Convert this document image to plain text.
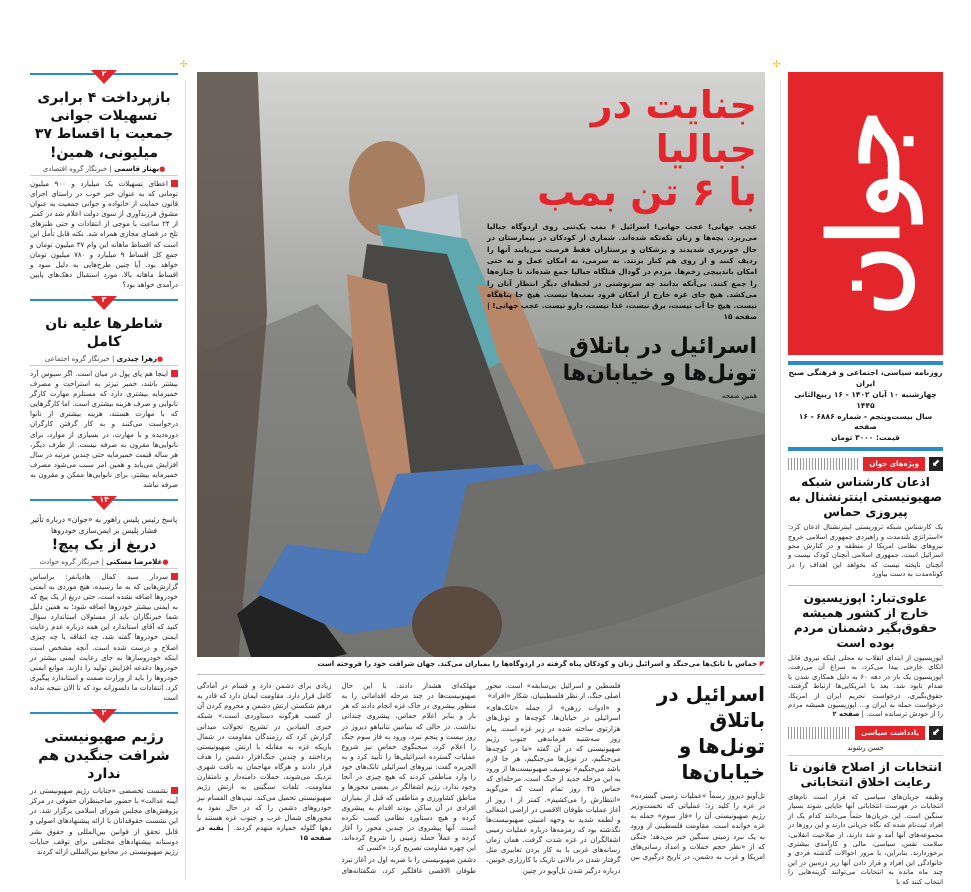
✣	✣
۲
بازپرداخت ۴ برابری تسهیلات جوانی جمعیت با اقساط ۳۷ میلیونی، همین!
●بهناز قاسمی | خبرنگار گروه اقتصادی
اعطای تسهیلات یک میلیارد و ۹۰۰ میلیون تومانی که به عنوان خبر خوب در راستای اجرای قانون حمایت از خانواده و جوانی جمعیت به عنوان مشوق فرزندآوری از سوی دولت اعلام شد در کمتر از ۲۴ ساعت با موجی از انتقادات و حتی طنزهای تلخ در فضای مجازی همراه شد. نکته قابل تأمل این است که اقساط ماهانه این وام ۳۷ میلیون تومان و جمع کل اقساط ۹ میلیارد و ۷۸۰ میلیون تومان خواهد بود. آیا چنین طرح‌هایی به دلیل سود و اقساط ماهانه بالا، مورد استقبال دهک‌های پایین درآمدی خواهد بود؟
۳
شاطرها علیه نان کامل
●زهرا چیذری | خبرنگار گروه اجتماعی
اینجا هم پای پول در میان است. اگر سبوس آرد بیشتر باشد، خمیر تیزتر به استراحت و مصرف خمیرمایه بیشتری دارد که مستلزم مهارت کارگر نانوایی و صرف هزینه بیشتری است. اما کارگرهایی که با مهارت هستند، هزینه بیشتری از نانوا درخواست می‌کنند و به کار گرفتن کارگران دوره‌دیده و با مهارت، در بسیاری از موارد، برای نانوایی‌ها مقرون به صرفه نیست. از طرف دیگر، هر ساله قیمت خمیرمایه حتی چندین مرتبه در سال افزایش می‌یابد و همین امر سبب می‌شود مصرف خمیرمایه بیشتر، برای نانوایی‌ها ممکن و مقرون به صرفه نباشد
۱۴
پاسخ رئیس پلیس راهور به «جوان» درباره تأثیر فشار پلیس بر ایمن‌سازی خودروها
دریغ از یک پیچ!
●غلامرضا مسکنی | خبرنگار گروه حوادث
سردار سید کمال هادیانفر: براساس گزارش‌هایی که به ما رسیده، هیچ موردی به ایمنی خودروها اضافه نشده است، حتی دریغ از یک پیچ که به ایمنی بیشتر خودروها اضافه شود؛ به همین دلیل شما خبرنگاران باید از مسئولان استاندارد سؤال کنید که آقای استاندارد این همه درباره عدم رعایت ایمنی خودروها گفته شد، چه اتفاقه یا چه چیزی اصلاح و درست شده است. آنچه مشخص است اینکه خودروسازها به جای رعایت ایمنی بیشتر در خودروها دغدغه افزایش تولید را دارند. موانع ایمنی خودروها را باید از وزارت صمت و استاندارد پیگیری کرد. انتقادات ما دلسوزانه بود که تا الان نتیجه نداده است
۲
رژیم صهیونیستی شرافت جنگیدن هم ندارد
نشست تخصصی «جنایات رژیم صهیونیستی در آیینه عدالت» با حضور صاحبنظران حقوقی در مرکز پژوهش‌های مجلس شورای اسلامی برگزار شد. در این نشست حقوقدانان با ارائه پیشنهادهای اصولی و قابل تحقق از قوانین بین‌المللی و حقوق بشر دوستانه پیشنهادهای مختلفی برای توقف جنایات رژیم صهیونیستی در مجامع بین‌المللی ارائه کردند
جنایت در جبالیا
با ۶ تن بمب
عجب جهانی! عجب جهانی! اسرائیل ۶ بمب یک‌تنی روی اردوگاه جبالیا می‌ریزد. بچه‌ها و زنان تکه‌تکه شده‌اند. شماری از کودکان در بیمارستان در حال خونریزی شدیدند و پزشکان و پرستاران فقط فرصت می‌یابند آنها را ردیف کنند و از روی هم کنار بزنند. نه سرمی، نه امکان عمل و نه حتی امکان باندپیچی زخم‌ها. مردم در گودال قتلگاه جبالیا جمع شده‌اند تا جنازه‌ها را جمع کنند. بی‌آنکه بدانند چه سرنوشتی در لحظه‌ای دیگر انتظار آنان را می‌کشد. هیچ جای غزه خارج از امکان فرود بمب‌ها نیست. هیچ جا پناهگاه نیست. هیچ جا آب نیست، برق نیست، غذا نیست، دارو نیست. عجب جهانی! | صفحه ۱۵
اسرائیل در باتلاق
تونل‌ها و خیابان‌ها
همین صفحه
◤ حماس با تانک‌ها می‌جنگد و اسرائیل زنان و کودکان پناه گرفته در اردوگاه‌ها را بمباران می‌کند. جهان شرافت خود را فروخته است
اسرائیل در باتلاق
تونل‌ها و خیابان‌ها
تل‌آویو دیروز رسماً «عملیات زمینی گسترده» در غزه را کلید زد؛ عملیاتی که نخست‌وزیر رژیم صهیونیستی آن را «فاز سوم» حمله به غزه خوانده است. مقاومت فلسطینی از ورود به یک نبرد زمینی سنگین خبر می‌دهد؛ جنگی که از «نظر حجم حملات و امداد رسانی‌های امریکا و غرب به دشمن، در تاریخ درگیری بین فلسطین و اسرائیل بی‌سابقه» است. محور اصلی جنگ، از نظر فلسطینیان، شکار «افراد»
و «ادوات زرهی» از جمله «تانک‌های» اسرائیلی در خیابان‌ها، کوچه‌ها و تونل‌های هزارتوی ساخته شده در زیر غزه است. پیام روز سه‌شنبه فرماندهی جنوب رژیم صهیونیستی که در آن گفته «ما در کوچه‌ها می‌جنگیم، در تونل‌ها می‌جنگیم، هر جا لازم باشد می‌جنگیم» توصیف صهیونیست‌ها از ورود به این مرحله جدید از جنگ است، مرحله‌ای که حماس ۲۵ روز تمام است که می‌گوید «انتظارش را می‌کشیم». کمتر از ۱ روز از آغاز عملیات طوفان الاقصی در اراضی اشغالی و لطمه شدید به وجهه امنیتی صهیونیست‌ها نگذشته بود که زمزمه‌ها درباره عملیات زمینی اشغالگران در غزه شدت گرفت. همان زمان رسانه‌های غربی با به کار بردن تعابیری مثل گرفتار شدن در دالانی تاریک یا کارزاری خونین، درباره درگیر شدن تل‌آویو در چنین
مهلکه‌ای هشدار دادند. با این حال صهیونیست‌ها در چند مرحله اقداماتی را به منظور پیشروی در خاک غزه انجام دادند که هر بار و بنابر اعلام حماس، پیشروی چندانی نداشت. در حالی که بنیامین نتانیاهو دیروز در روز بیست و پنجم نبرد، ورود به فاز سوم جنگ را اعلام کرد، سخنگوی حماس نیز شروع عملیات گسترده اسرائیلی‌ها را تأیید کرد و به الجزیره گفت: نیروهای اسرائیلی تانک‌های خود را وارد مناطقی کردند که هیچ چیزی در آنجا وجود ندارد. رژیم اشغالگر در بعضی محورها و مناطق کشاورزی و مناطقی که قبل از بمباران افرادی در آن ساکن بودند اقدام به پیشروی کرده و هیچ دستاورد نظامی کسب نکرده است. آنها پیشروی در چندین محور را آغاز کرده و عملاً حمله زمینی را شروع کرده‌اند. این چهره مقاومت تصریح کرد: «کسی که
دشمن صهیونیستی را با ضربه اول در آغاز نبرد طوفان الاقصی غافلگیر کرد، شگفتانه‌های زیادی برای دشمن دارد و قسام در آمادگی کامل قرار دارد. مقاومت ایمان دارد که قادر به درهم شکستن ارتش دشمن و محروم کردن آن از کسب هرگونه دستاوردی است.» شبکه خبری المیادین در تشریح تحولات میدانی گزارش کرد که رزمندگان مقاومت در شمال باریکه غزه به مقابله با ارتش صهیونیستی پرداختند و چندین جنگ‌افزار دشمن را هدف قرار دادند و هرگاه مهاجمان به بافت شهری نزدیک می‌شوند، حملات دامنه‌دار و نامتقارن مقاومت، تلفات سنگینی به ارتش رژیم صهیونیستی تحمیل می‌کند. تیپ‌های القسام نیز خودروهای دشمن را که در حال نفوذ به محورهای شمال غرب و جنوب غزه هستند با دهها گلوله خمپاره منهدم کردند. | بقیه در صفحه ۱۵
جوان
روزنامه سیاسی، اجتماعی و فرهنگی صبح ایران
چهارشنبه ۱۰ آبان ۱۴۰۲ - ۱۶ ربیع‌الثانی ۱۴۴۵
سال بیست‌وپنجم - شماره ۶۸۸۶ - ۱۶ صفحه
قیمت: ۳۰۰۰ تومان
⬋
ویژه‌های جوان
اذعان کارشناس شبکه صهیونیستی اینترنشنال به پیروزی حماس
یک کارشناس شبکه تروریستی اینترنشنال اذعان کرد: «استراتژی بلندمدت و راهبردی جمهوری اسلامی خروج نیروهای نظامی امریکا از منطقه و در کنارش محو اسرائیل است. جمهوری اسلامی آنچنان کودک نیست و آنچنان ناپخته نیست که بخواهد این اهداف را در کوتاه‌مدت به دست بیاورد
علوی‌تبار: اپوزیسیون خارج از کشور همیشه حقوق‌بگیر دشمنان مردم بوده است
اپوزیسیون از ابتدای انقلاب به محلی اینکه نیروی قابل اتکای خارجی پیدا می‌کرد، به سراغ آن می‌رفت. اپوزیسیون یک بار در دهه ۶۰ به دلیل همکاری شدن با صدام نابود شد. بعد با امریکایی‌ها ارتباط گرفتند، حقوق‌بگیری، درخواست تحریم ایران از امریکا، درخواست حمله به ایران و... اپوزیسیون همیشه مردم را از خودش ترسانده است. | صفحه ۲
⬋
یادداشت سیاسی
حسن رشوند
انتخابات از اصلاح قانون تا رعایت اخلاق انتخاباتی
وظیفه جریان‌های سیاسی که قرار است نام‌های انتخابات در فهرست انتخاباتی آنها جایابی شوند بسیار سنگین است. این جریان‌ها حتماً می‌دانند کدام یک از افراد ثبت‌نام شده که نگاه جریانی دارند و این روزها در مجموعه‌های آنها آمد و شد دارند، از صلاحیت انقلابی، سلامت نفس، سیاسی، مالی و کارآمدی بیشتری برخوردارند. بنابراین، با مرور احوالات گذشته فردی و خانوادگی این افراد و قرار دادن آنها زیر ذره‌بین در این چند ماه مانده به انتخابات می‌توانند گزینه‌هایی را انتخاب کنند که با
